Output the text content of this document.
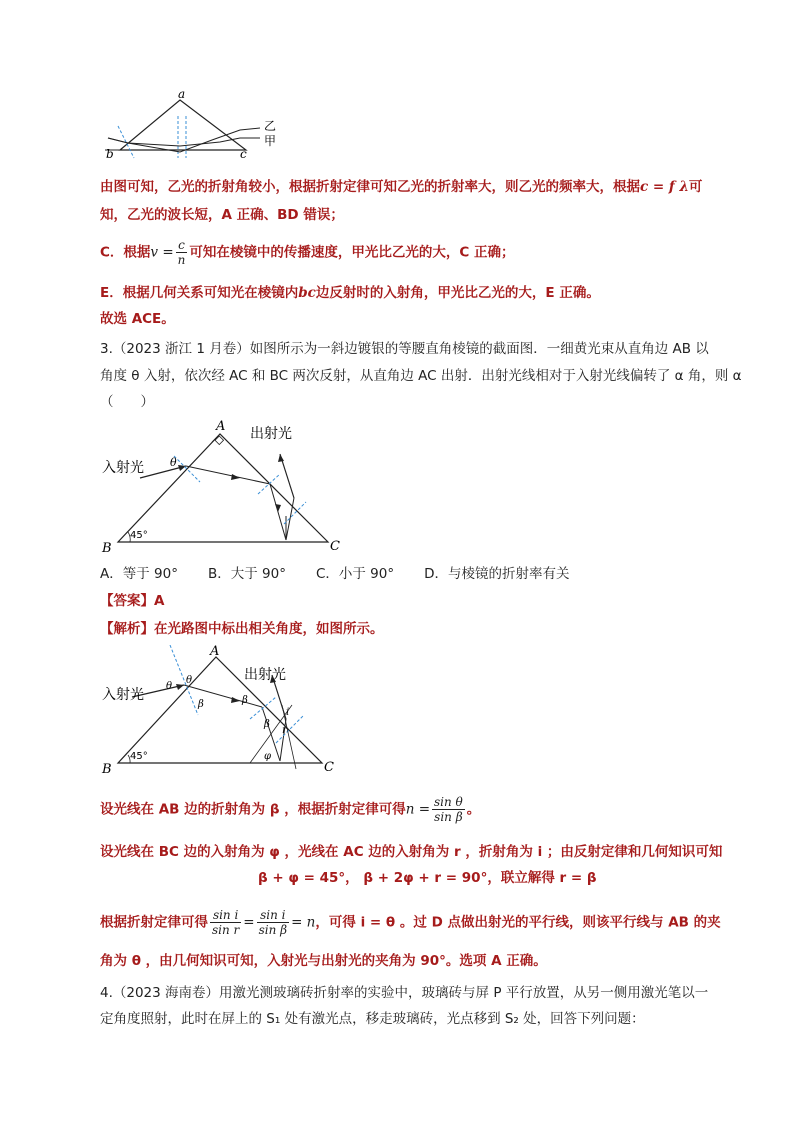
a
b	c
乙
甲
由图可知，乙光的折射角较小，根据折射定律可知乙光的折射率大，则乙光的频率大，根据c = f λ可
知，乙光的波长短，A 正确、BD 错误；
C．根据$v = \frac{c}{n}$ 可知在棱镜中的传播速度，甲光比乙光的大，C 正确；
E．根据几何关系可知光在棱镜内bc边反射时的入射角，甲光比乙光的大，E 正确。
故选 ACE。
3.（2023 浙江 1 月卷）如图所示为一斜边镀银的等腰直角棱镜的截面图．一细黄光束从直角边 AB 以
角度 θ 入射，依次经 AC 和 BC 两次反射，从直角边 AC 出射．出射光线相对于入射光线偏转了 α 角，则 α
（　　）
A
B	C
入射光
出射光
θ
45°
A．等于 90° B．大于 90° C．小于 90° D．与棱镜的折射率有关
【答案】A
【解析】在光路图中标出相关角度，如图所示。
A
B	C
入射光
出射光
θ
θ
β	β
β
φ
r
i
45°
设光线在 AB 边的折射角为 β ，根据折射定律可得$n = \frac{\text{sin θ}}{\text{sin β}}$ 。
设光线在 BC 边的入射角为 φ ，光线在 AC 边的入射角为 r ，折射角为 i ；由反射定律和几何知识可知
β + φ = 45°， β + 2φ + r = 90°，联立解得 r = β
根据折射定律可得 $\frac{\text{sin i}}{\text{sin r}} = \frac{\text{sin i}}{\text{sin β}} = n$，可得 i = θ 。过 D 点做出射光的平行线，则该平行线与 AB 的夹
角为 θ ，由几何知识可知，入射光与出射光的夹角为 90°。选项 A 正确。
4.（2023 海南卷）用激光测玻璃砖折射率的实验中，玻璃砖与屏 P 平行放置，从另一侧用激光笔以一
定角度照射，此时在屏上的 S₁ 处有激光点，移走玻璃砖，光点移到 S₂ 处，回答下列问题：
